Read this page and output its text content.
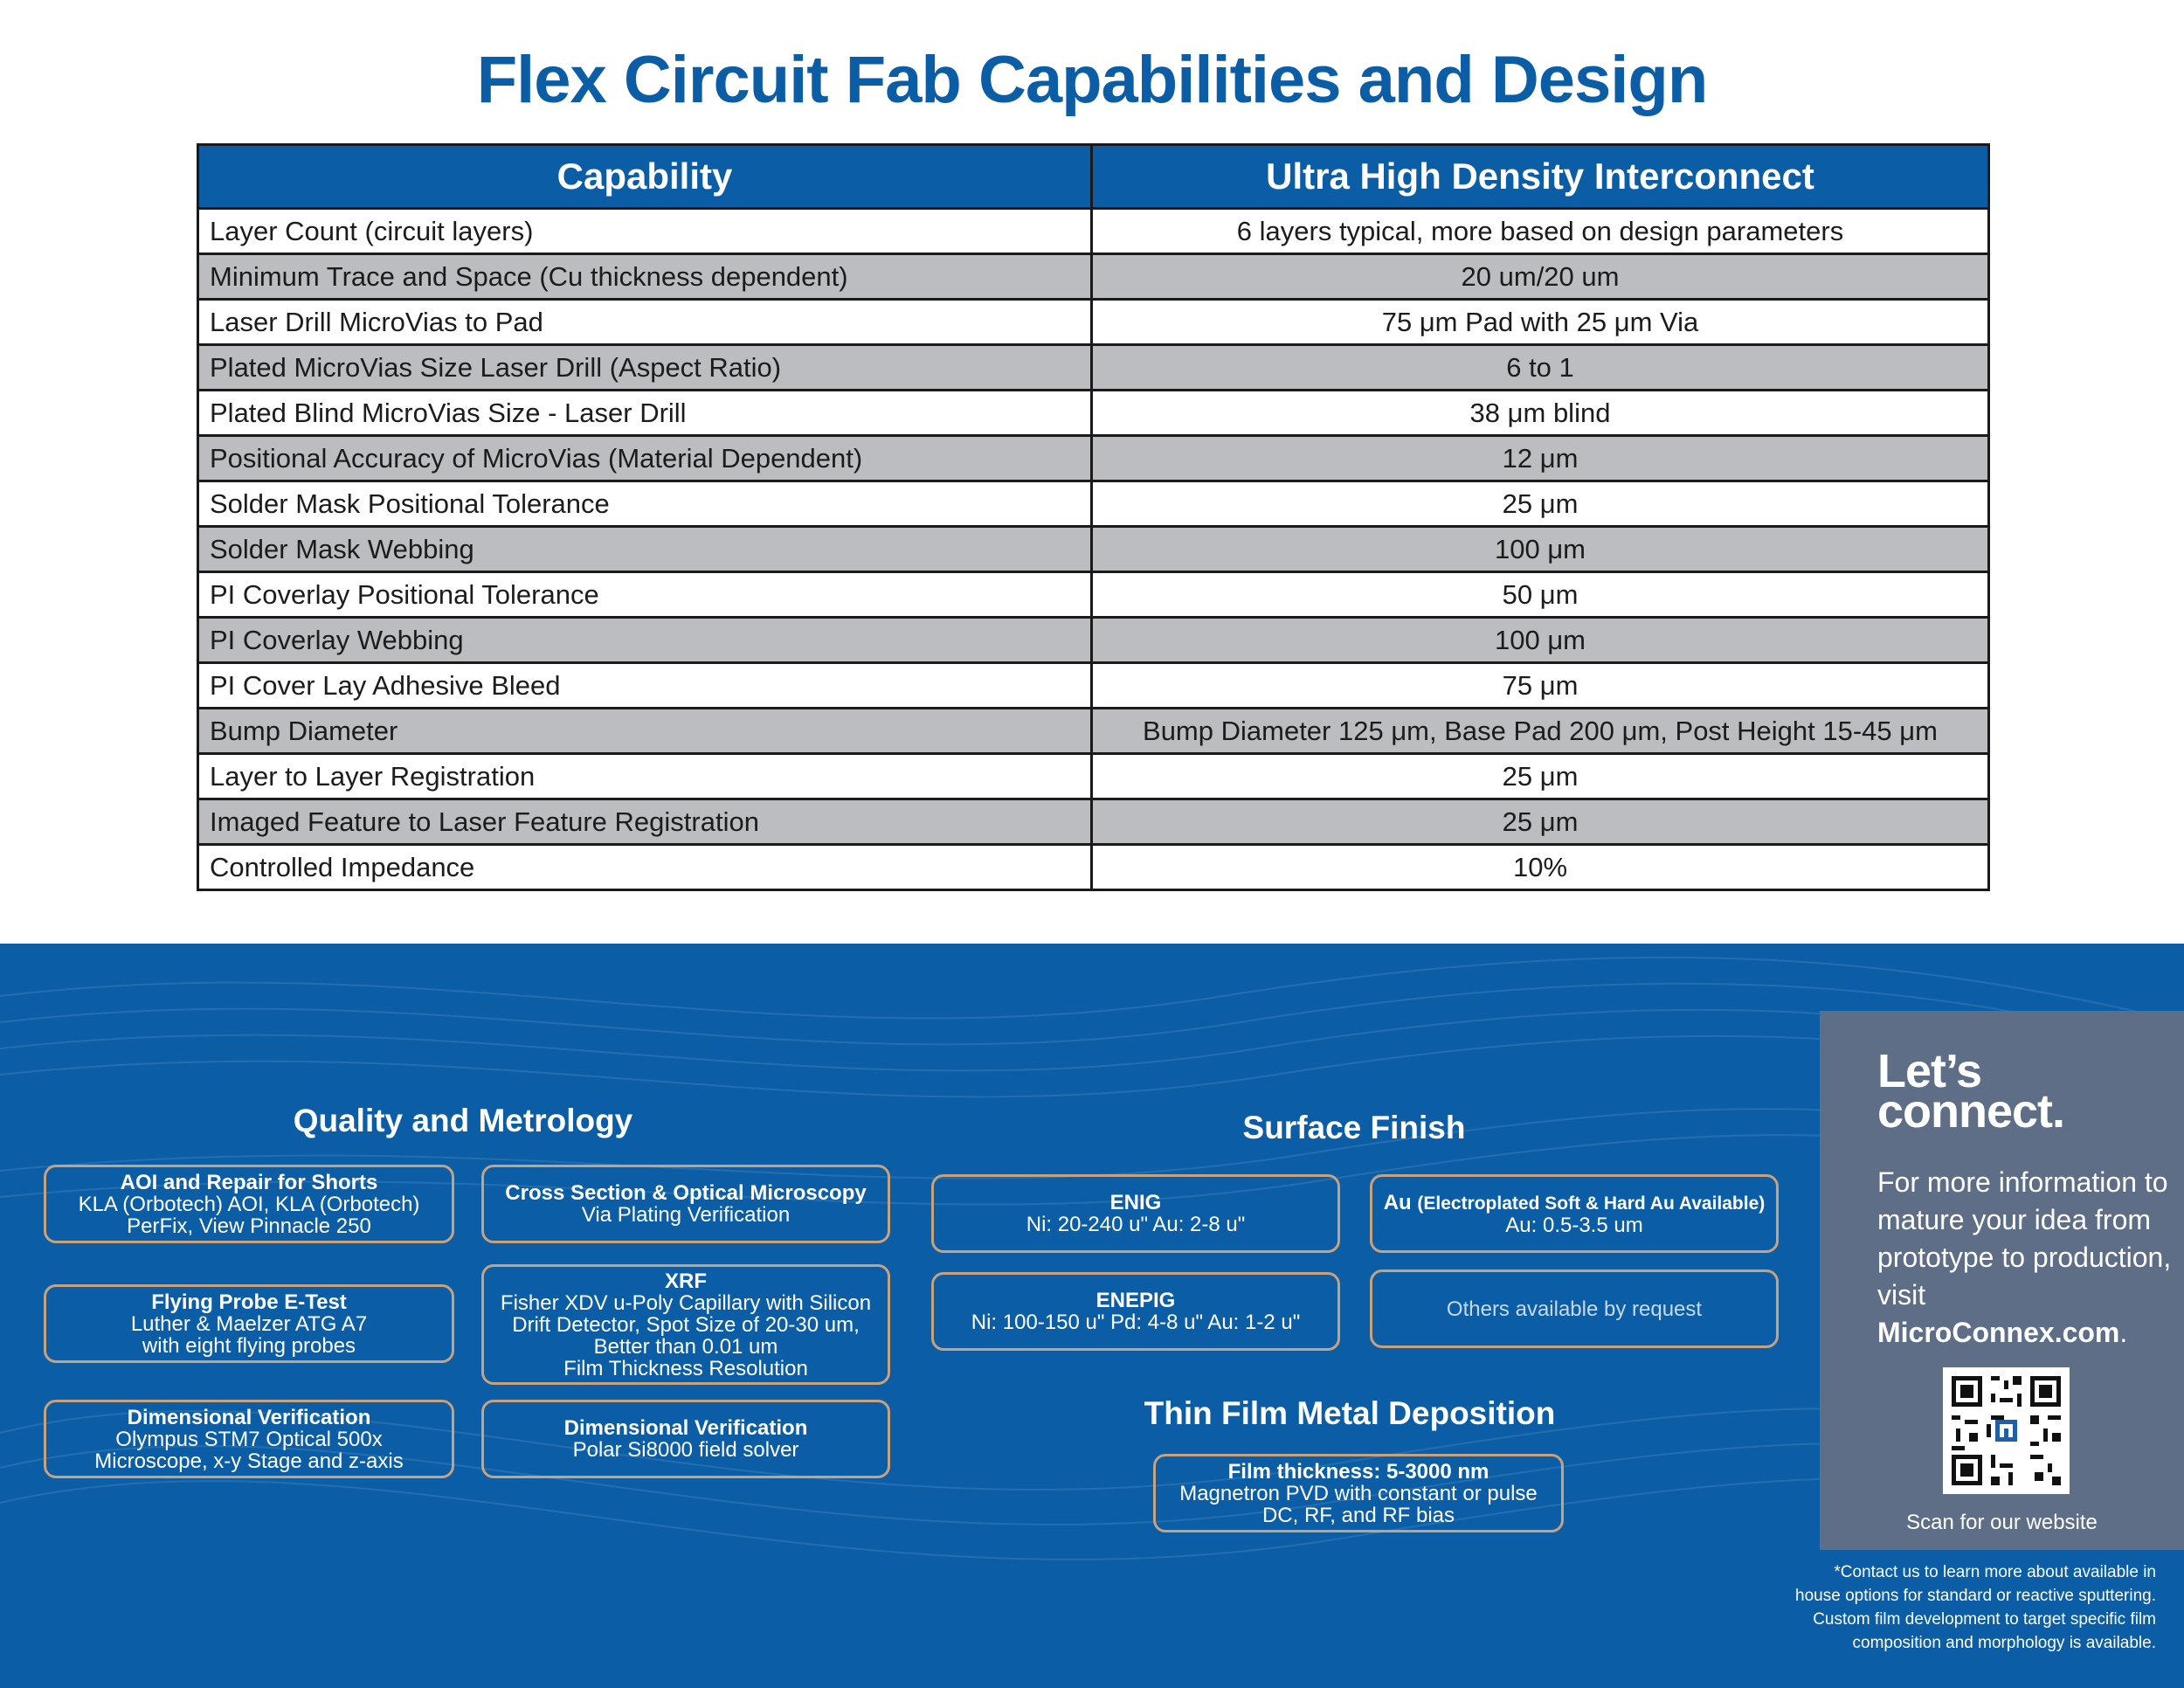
Flex Circuit Fab Capabilities and Design
Capability	Ultra High Density Interconnect
Layer Count (circuit layers)	6 layers typical, more based on design parameters
Minimum Trace and Space (Cu thickness dependent)	20 um/20 um
Laser Drill MicroVias to Pad	75 μm Pad with 25 μm Via
Plated MicroVias Size Laser Drill (Aspect Ratio)	6 to 1
Plated Blind MicroVias Size - Laser Drill	38 μm blind
Positional Accuracy of MicroVias (Material Dependent)	12 μm
Solder Mask Positional Tolerance	25 μm
Solder Mask Webbing	100 μm
PI Coverlay Positional Tolerance	50 μm
PI Coverlay Webbing	100 μm
PI Cover Lay Adhesive Bleed	75 μm
Bump Diameter	Bump Diameter 125 μm, Base Pad 200 μm, Post Height 15-45 μm
Layer to Layer Registration	25 μm
Imaged Feature to Laser Feature Registration	25 μm
Controlled Impedance	10%
Quality and Metrology
AOI and Repair for Shorts
KLA (Orbotech) AOI, KLA (Orbotech)
PerFix, View Pinnacle 250
Cross Section & Optical Microscopy
Via Plating Verification
Flying Probe E-Test
Luther & Maelzer ATG A7
with eight flying probes
XRF
Fisher XDV u-Poly Capillary with Silicon
Drift Detector, Spot Size of 20-30 um,
Better than 0.01 um
Film Thickness Resolution
Dimensional Verification
Olympus STM7 Optical 500x
Microscope, x-y Stage and z-axis
Dimensional Verification
Polar Si8000 field solver
Surface Finish
ENIG
Ni: 20-240 u" Au: 2-8 u"
Au (Electroplated Soft & Hard Au Available)
Au: 0.5-3.5 um
ENEPIG
Ni: 100-150 u" Pd: 4-8 u" Au: 1-2 u"
Others available by request
Thin Film Metal Deposition
Film thickness: 5-3000 nm
Magnetron PVD with constant or pulse
DC, RF, and RF bias
Let’s
connect.
For more information to mature your idea from prototype to production, visit
MicroConnex.com.
Scan for our website
*Contact us to learn more about available in house options for standard or reactive sputtering. Custom film development to target specific film composition and morphology is available.
